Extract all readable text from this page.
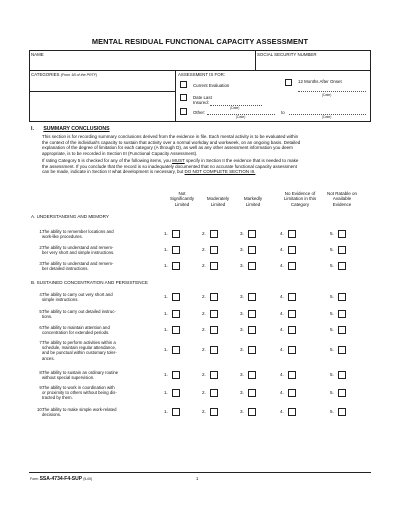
MENTAL RESIDUAL FUNCTIONAL CAPACITY ASSESSMENT
NAME	SOCIAL SECURITY NUMBER
CATEGORIES (From 1B of the PRTF)	ASSESSMENT IS FOR:
Current Evaluation
12 Months After Onset
(Date)
Date Last
Insured:
(Date)
Other:
(Date)
to
(Date)
I. SUMMARY CONCLUSIONS
This section is for recording summary conclusions derived from the evidence in file. Each mental activity is to be evaluated within
the context of the individual's capacity to sustain that activity over a normal workday and workweek, on an ongoing basis. Detailed
explanation of the degree of limitation for each category (A through D), as well as any other assessment information you deem
appropriate, is to be recorded in Section III (Functional Capacity Assessment).
If rating Category 5 is checked for any of the following items, you MUST specify in Section II the evidence that is needed to make
the assessment. If you conclude that the record is so inadequately documented that no accurate functional capacity assessment
can be made, indicate in Section II what development is necessary, but DO NOT COMPLETE SECTION III.
Not
Significantly
Limited
Moderately
Limited
Markedly
Limited
No Evidence of
Limitation in this
Category
Not Ratable on
Available
Evidence
A. UNDERSTANDING AND MEMORY
1. The ability to remember locations and
work-like procedures.
1.	2.	3.	4.	5.
2. The ability to understand and remem-
ber very short and simple instructions.
1.	2.	3.	4.	5.
3. The ability to understand and remem-
ber detailed instructions.
1.	2.	3.	4.	5.
B. SUSTAINED CONCENTRATION AND PERSISTENCE
4. The ability to carry out very short and
simple instructions.
1.	2.	3.	4.	5.
5. The ability to carry out detailed instruc-
tions.
1.	2.	3.	4.	5.
6. The ability to maintain attention and
concentration for extended periods.
1.	2.	3.	4.	5.
7. The ability to perform activities within a
schedule, maintain regular attendance,
and be punctual within customary toler-
ances.
1.	2.	3.	4.	5.
8. The ability to sustain an ordinary routine
without special supervision.
1.	2.	3.	4.	5.
9. The ability to work in coordination with
or proximity to others without being dis-
tracted by them.
1.	2.	3.	4.	5.
10. The ability to make simple work-related
decisions.
1.	2.	3.	4.	5.
Form SSA-4734-F4-SUP (5-00)	1
